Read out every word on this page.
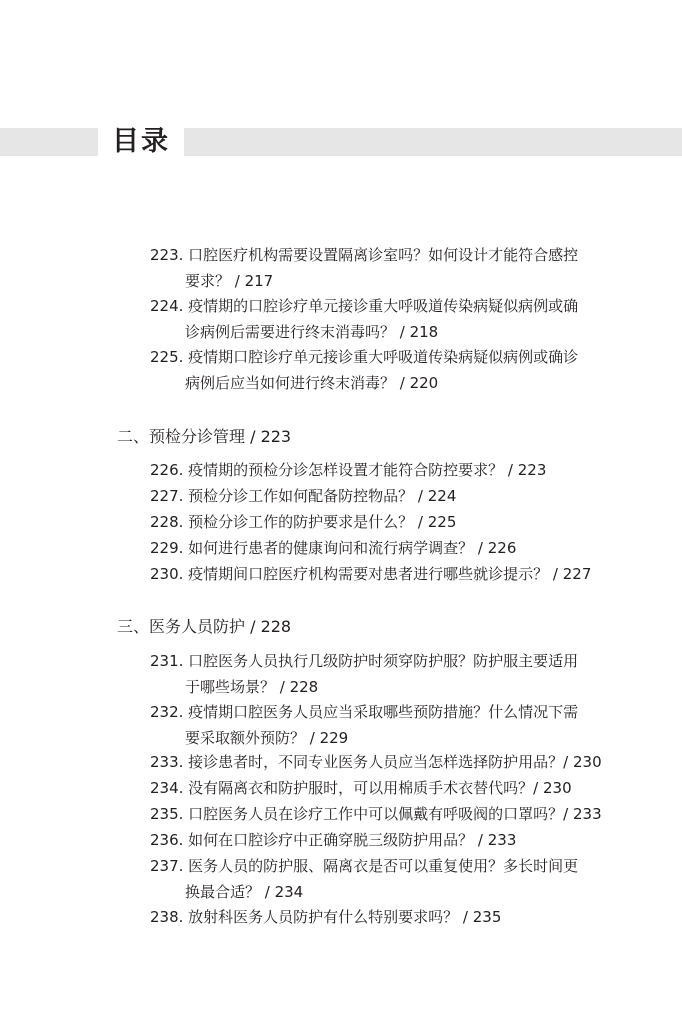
目录
223. 口腔医疗机构需要设置隔离诊室吗？如何设计才能符合感控
要求？ / 217
224. 疫情期的口腔诊疗单元接诊重大呼吸道传染病疑似病例或确
诊病例后需要进行终末消毒吗？ / 218
225. 疫情期口腔诊疗单元接诊重大呼吸道传染病疑似病例或确诊
病例后应当如何进行终末消毒？ / 220
二、预检分诊管理 / 223
226. 疫情期的预检分诊怎样设置才能符合防控要求？ / 223
227. 预检分诊工作如何配备防控物品？ / 224
228. 预检分诊工作的防护要求是什么？ / 225
229. 如何进行患者的健康询问和流行病学调查？ / 226
230. 疫情期间口腔医疗机构需要对患者进行哪些就诊提示？ / 227
三、医务人员防护 / 228
231. 口腔医务人员执行几级防护时须穿防护服？防护服主要适用
于哪些场景？ / 228
232. 疫情期口腔医务人员应当采取哪些预防措施？什么情况下需
要采取额外预防？ / 229
233. 接诊患者时，不同专业医务人员应当怎样选择防护用品？/ 230
234. 没有隔离衣和防护服时，可以用棉质手术衣替代吗？/ 230
235. 口腔医务人员在诊疗工作中可以佩戴有呼吸阀的口罩吗？/ 233
236. 如何在口腔诊疗中正确穿脱三级防护用品？ / 233
237. 医务人员的防护服、隔离衣是否可以重复使用？多长时间更
换最合适？ / 234
238. 放射科医务人员防护有什么特别要求吗？ / 235
